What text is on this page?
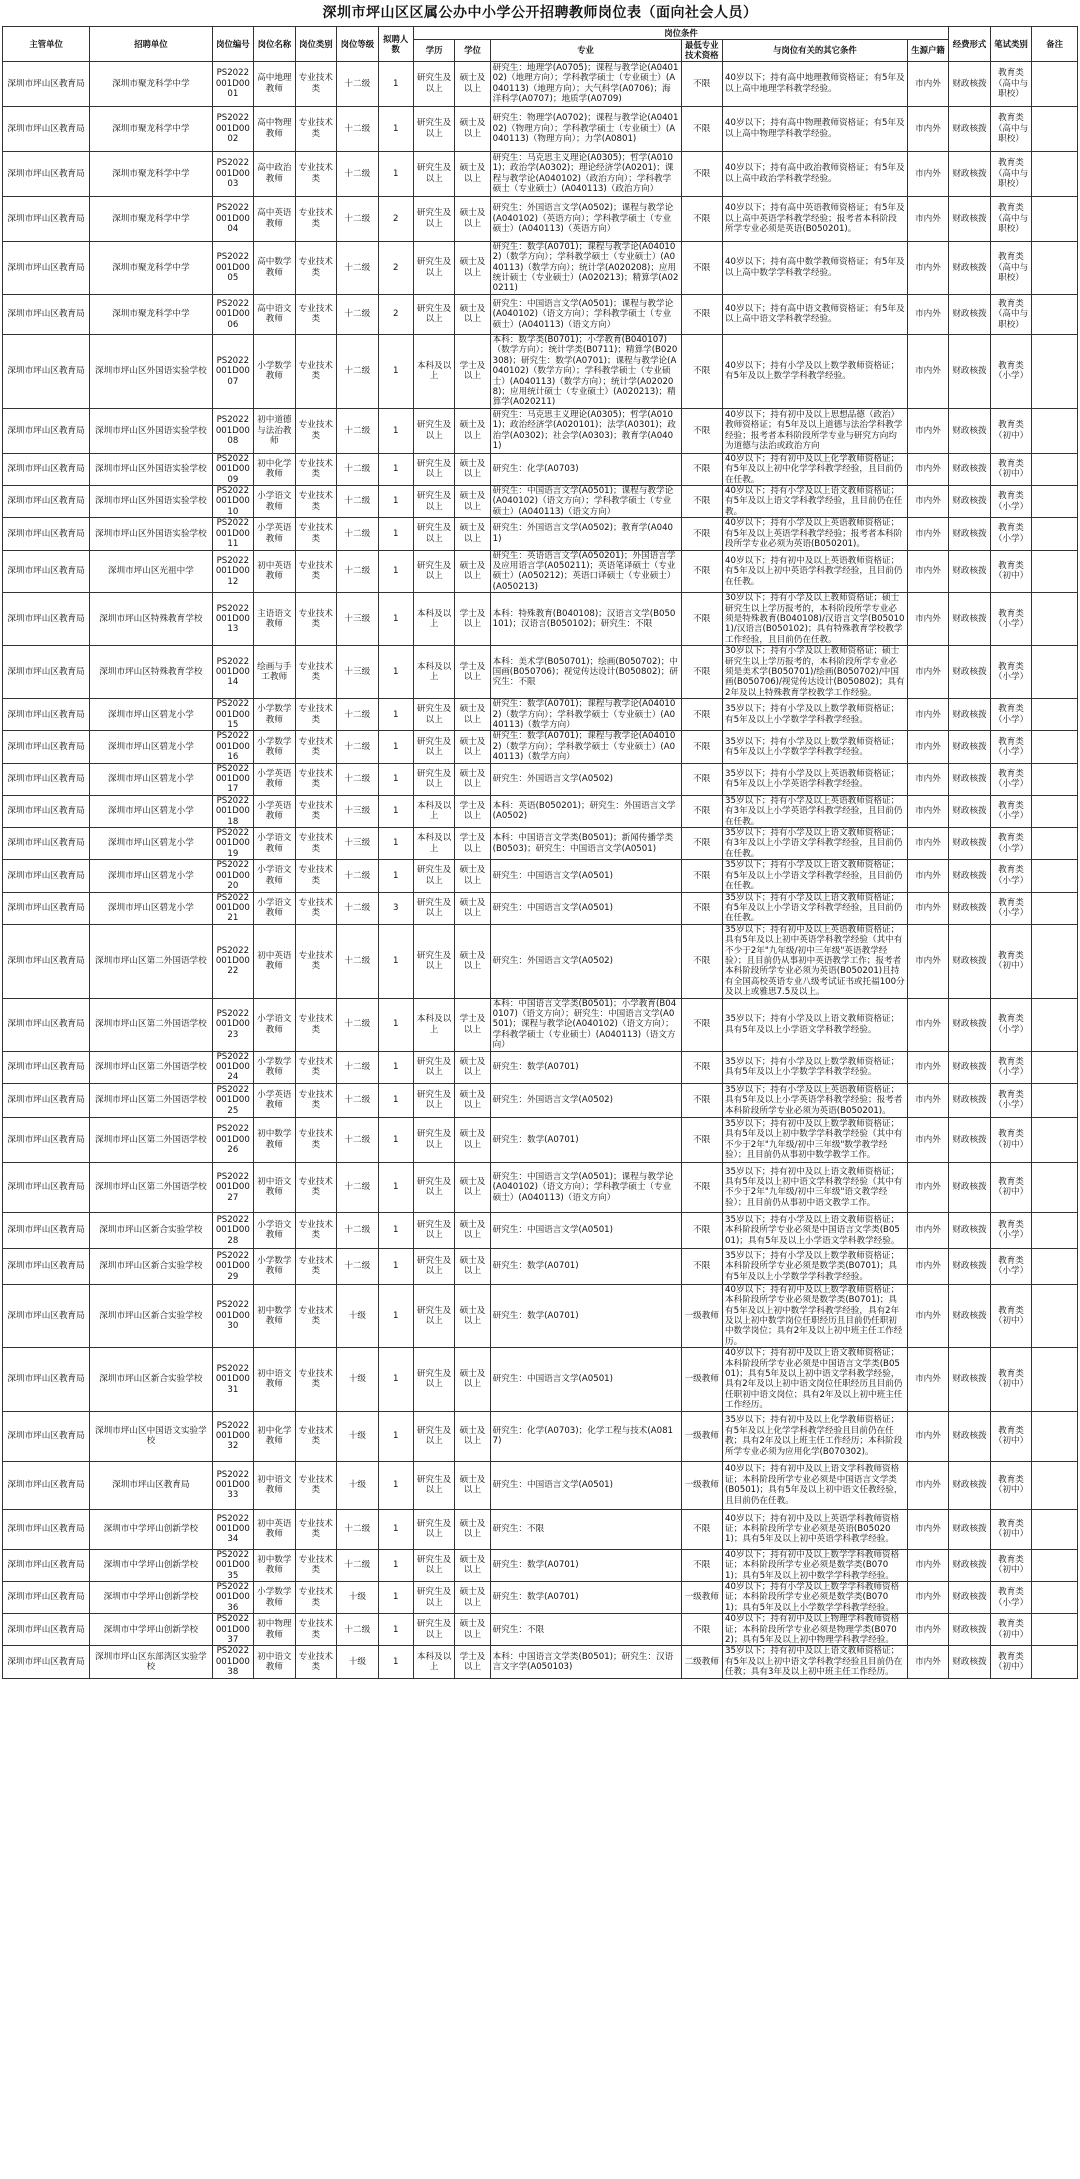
深圳市坪山区区属公办中小学公开招聘教师岗位表（面向社会人员）
主管单位	招聘单位	岗位编号	岗位名称	岗位类别	岗位等级	拟聘人数	岗位条件						经费形式	笔试类别	备注
							学历	学位	专业	最低专业技术资格	与岗位有关的其它条件	生源户籍			
深圳市坪山区教育局	深圳市聚龙科学中学	PS2022001D0001	高中地理教师	专业技术类	十二级	1	研究生及以上	硕士及以上	研究生：地理学(A0705)；课程与教学论(A040102)（地理方向）；学科教学硕士（专业硕士）(A040113)（地理方向）；大气科学(A0706)；海洋科学(A0707)；地质学(A0709)	不限	40岁以下；持有高中地理教师资格证；有5年及以上高中地理学科教学经验。	市内外	财政核拨	教育类（高中与职校）	
深圳市坪山区教育局	深圳市聚龙科学中学	PS2022001D0002	高中物理教师	专业技术类	十二级	1	研究生及以上	硕士及以上	研究生：物理学(A0702)；课程与教学论(A040102)（物理方向）；学科教学硕士（专业硕士）(A040113)（物理方向）；力学(A0801)	不限	40岁以下；持有高中物理教师资格证；有5年及以上高中物理学科教学经验。	市内外	财政核拨	教育类（高中与职校）	
深圳市坪山区教育局	深圳市聚龙科学中学	PS2022001D0003	高中政治教师	专业技术类	十二级	1	研究生及以上	硕士及以上	研究生：马克思主义理论(A0305)；哲学(A0101)；政治学(A0302)；理论经济学(A0201)；课程与教学论(A040102)（政治方向）；学科教学硕士（专业硕士）(A040113)（政治方向）	不限	40岁以下；持有高中政治教师资格证；有5年及以上高中政治学科教学经验。	市内外	财政核拨	教育类（高中与职校）	
深圳市坪山区教育局	深圳市聚龙科学中学	PS2022001D0004	高中英语教师	专业技术类	十二级	2	研究生及以上	硕士及以上	研究生：外国语言文学(A0502)；课程与教学论(A040102)（英语方向）；学科教学硕士（专业硕士）(A040113)（英语方向）	不限	40岁以下；持有高中英语教师资格证；有5年及以上高中英语学科教学经验；报考者本科阶段所学专业必须是英语(B050201)。	市内外	财政核拨	教育类（高中与职校）	
深圳市坪山区教育局	深圳市聚龙科学中学	PS2022001D0005	高中数学教师	专业技术类	十二级	2	研究生及以上	硕士及以上	研究生：数学(A0701)；课程与教学论(A040102)（数学方向）；学科教学硕士（专业硕士）(A040113)（数学方向）；统计学(A020208)；应用统计硕士（专业硕士）(A020213)；精算学(A020211)	不限	40岁以下；持有高中数学教师资格证；有5年及以上高中数学学科教学经验。	市内外	财政核拨	教育类（高中与职校）	
深圳市坪山区教育局	深圳市聚龙科学中学	PS2022001D0006	高中语文教师	专业技术类	十二级	2	研究生及以上	硕士及以上	研究生：中国语言文学(A0501)；课程与教学论(A040102)（语文方向）；学科教学硕士（专业硕士）(A040113)（语文方向）	不限	40岁以下；持有高中语文教师资格证；有5年及以上高中语文学科教学经验。	市内外	财政核拨	教育类（高中与职校）	
深圳市坪山区教育局	深圳市坪山区外国语实验学校	PS2022001D0007	小学数学教师	专业技术类	十二级	1	本科及以上	学士及以上	本科：数学类(B0701)；小学教育(B040107)（数学方向）；统计学类(B0711)；精算学(B020308)；研究生：数学(A0701)；课程与教学论(A040102)（数学方向）；学科教学硕士（专业硕士）(A040113)（数学方向）；统计学(A020208)；应用统计硕士（专业硕士）(A020213)；精算学(A020211)	不限	40岁以下；持有小学及以上数学教师资格证；有5年及以上数学学科教学经验。	市内外	财政核拨	教育类（小学）	
深圳市坪山区教育局	深圳市坪山区外国语实验学校	PS2022001D0008	初中道德与法治教师	专业技术类	十二级	1	研究生及以上	硕士及以上	研究生：马克思主义理论(A0305)；哲学(A0101)；政治经济学(A020101)；法学(A0301)；政治学(A0302)；社会学(A0303)；教育学(A0401)	不限	40岁以下；持有初中及以上思想品德（政治）教师资格证；有5年及以上道德与法治学科教学经验；报考者本科阶段所学专业与研究方向均为道德与法治或政治方向	市内外	财政核拨	教育类（初中）	
深圳市坪山区教育局	深圳市坪山区外国语实验学校	PS2022001D0009	初中化学教师	专业技术类	十二级	1	研究生及以上	硕士及以上	研究生：化学(A0703)	不限	40岁以下；持有初中及以上化学教师资格证；有5年及以上初中化学学科教学经验，且目前仍在任教。	市内外	财政核拨	教育类（初中）	
深圳市坪山区教育局	深圳市坪山区外国语实验学校	PS2022001D0010	小学语文教师	专业技术类	十二级	1	研究生及以上	硕士及以上	研究生：中国语言文学(A0501)；课程与教学论(A040102)（语文方向）；学科教学硕士（专业硕士）(A040113)（语文方向）	不限	40岁以下；持有小学及以上语文教师资格证；有5年及以上语文学科教学经验，且目前仍在任教。	市内外	财政核拨	教育类（小学）	
深圳市坪山区教育局	深圳市坪山区外国语实验学校	PS2022001D0011	小学英语教师	专业技术类	十二级	1	研究生及以上	硕士及以上	研究生：外国语言文学(A0502)；教育学(A0401)	不限	40岁以下；持有小学及以上英语教师资格证；有5年及以上英语学科教学经验；报考者本科阶段所学专业必须为英语(B050201)。	市内外	财政核拨	教育类（小学）	
深圳市坪山区教育局	深圳市坪山区光祖中学	PS2022001D0012	初中英语教师	专业技术类	十二级	1	研究生及以上	硕士及以上	研究生：英语语言文学(A050201)；外国语言学及应用语言学(A050211)；英语笔译硕士（专业硕士）(A050212)；英语口译硕士（专业硕士）(A050213)	不限	40岁以下；持有初中及以上英语教师资格证；有5年及以上初中英语学科教学经验，且目前仍在任教。	市内外	财政核拨	教育类（初中）	
深圳市坪山区教育局	深圳市坪山区特殊教育学校	PS2022001D0013	主语语文教师	专业技术类	十三级	1	本科及以上	学士及以上	本科：特殊教育(B040108)；汉语言文学(B050101)；汉语言(B050102)；研究生：不限	不限	30岁以下；持有小学及以上教师资格证；硕士研究生以上学历报考的，本科阶段所学专业必须是特殊教育(B040108)/汉语言文学(B050101)/汉语言(B050102)；具有特殊教育学校教学工作经验，且目前仍在任教。	市内外	财政核拨	教育类（小学）	
深圳市坪山区教育局	深圳市坪山区特殊教育学校	PS2022001D0014	绘画与手工教师	专业技术类	十三级	1	本科及以上	学士及以上	本科：美术学(B050701)；绘画(B050702)；中国画(B050706)；视觉传达设计(B050802)；研究生：不限	不限	30岁以下；持有小学及以上教师资格证；硕士研究生以上学历报考的，本科阶段所学专业必须是美术学(B050701)/绘画(B050702)/中国画(B050706)/视觉传达设计(B050802)；具有2年及以上特殊教育学校教学工作经验。	市内外	财政核拨	教育类（小学）	
深圳市坪山区教育局	深圳市坪山区碧龙小学	PS2022001D0015	小学数学教师	专业技术类	十二级	1	研究生及以上	硕士及以上	研究生：数学(A0701)；课程与教学论(A040102)（数学方向）；学科教学硕士（专业硕士）(A040113)（数学方向）	不限	35岁以下；持有小学及以上数学教师资格证；有5年及以上小学数学学科教学经验。	市内外	财政核拨	教育类（小学）	
深圳市坪山区教育局	深圳市坪山区碧龙小学	PS2022001D0016	小学数学教师	专业技术类	十二级	1	研究生及以上	硕士及以上	研究生：数学(A0701)；课程与教学论(A040102)（数学方向）；学科教学硕士（专业硕士）(A040113)（数学方向）	不限	35岁以下；持有小学及以上数学教师资格证；有5年及以上小学数学学科教学经验。	市内外	财政核拨	教育类（小学）	
深圳市坪山区教育局	深圳市坪山区碧龙小学	PS2022001D0017	小学英语教师	专业技术类	十二级	1	研究生及以上	硕士及以上	研究生：外国语言文学(A0502)	不限	35岁以下；持有小学及以上英语教师资格证；有5年及以上小学英语学科教学经验。	市内外	财政核拨	教育类（小学）	
深圳市坪山区教育局	深圳市坪山区碧龙小学	PS2022001D0018	小学英语教师	专业技术类	十三级	1	本科及以上	学士及以上	本科：英语(B050201)；研究生：外国语言文学(A0502)	不限	35岁以下；持有小学及以上英语教师资格证；有3年及以上小学英语学科教学经验，且目前仍在任教。	市内外	财政核拨	教育类（小学）	
深圳市坪山区教育局	深圳市坪山区碧龙小学	PS2022001D0019	小学语文教师	专业技术类	十三级	1	本科及以上	学士及以上	本科：中国语言文学类(B0501)；新闻传播学类(B0503)；研究生：中国语言文学(A0501)	不限	35岁以下；持有小学及以上语文教师资格证；有3年及以上小学语文学科教学经验，且目前仍在任教。	市内外	财政核拨	教育类（小学）	
深圳市坪山区教育局	深圳市坪山区碧龙小学	PS2022001D0020	小学语文教师	专业技术类	十二级	1	研究生及以上	硕士及以上	研究生：中国语言文学(A0501)	不限	35岁以下；持有小学及以上语文教师资格证；有5年及以上小学语文学科教学经验，且目前仍在任教。	市内外	财政核拨	教育类（小学）	
深圳市坪山区教育局	深圳市坪山区碧龙小学	PS2022001D0021	小学语文教师	专业技术类	十二级	3	研究生及以上	硕士及以上	研究生：中国语言文学(A0501)	不限	35岁以下；持有小学及以上语文教师资格证；有5年及以上小学语文学科教学经验，且目前仍在任教。	市内外	财政核拨	教育类（小学）	
深圳市坪山区教育局	深圳市坪山区第二外国语学校	PS2022001D0022	初中英语教师	专业技术类	十二级	1	研究生及以上	硕士及以上	研究生：外国语言文学(A0502)	不限	35岁以下；持有初中及以上英语教师资格证；具有5年及以上初中英语学科教学经验（其中有不少于2年"九年级/初中三年级"英语教学经验）；且目前仍从事初中英语教学工作；报考者本科阶段所学专业必须为英语(B050201)且持有全国高校英语专业八级考试证书或托福100分及以上或雅思7.5及以上。	市内外	财政核拨	教育类（初中）	
深圳市坪山区教育局	深圳市坪山区第二外国语学校	PS2022001D0023	小学语文教师	专业技术类	十二级	1	本科及以上	学士及以上	本科：中国语言文学类(B0501)；小学教育(B040107)（语文方向）；研究生：中国语言文学(A0501)；课程与教学论(A040102)（语文方向）；学科教学硕士（专业硕士）(A040113)（语文方向）	不限	35岁以下；持有小学及以上语文教师资格证；具有5年及以上小学语文学科教学经验。	市内外	财政核拨	教育类（小学）	
深圳市坪山区教育局	深圳市坪山区第二外国语学校	PS2022001D0024	小学数学教师	专业技术类	十二级	1	研究生及以上	硕士及以上	研究生：数学(A0701)	不限	35岁以下；持有小学及以上数学教师资格证；具有5年及以上小学数学学科教学经验。	市内外	财政核拨	教育类（小学）	
深圳市坪山区教育局	深圳市坪山区第二外国语学校	PS2022001D0025	小学英语教师	专业技术类	十二级	1	研究生及以上	硕士及以上	研究生：外国语言文学(A0502)	不限	35岁以下；持有小学及以上英语教师资格证；具有5年及以上小学英语学科教学经验；报考者本科阶段所学专业必须为英语(B050201)。	市内外	财政核拨	教育类（小学）	
深圳市坪山区教育局	深圳市坪山区第二外国语学校	PS2022001D0026	初中数学教师	专业技术类	十二级	1	研究生及以上	硕士及以上	研究生：数学(A0701)	不限	35岁以下；持有初中及以上数学教师资格证；具有5年及以上初中数学学科教学经验（其中有不少于2年"九年级/初中三年级"数学教学经验）；且目前仍从事初中数学教学工作。	市内外	财政核拨	教育类（初中）	
深圳市坪山区教育局	深圳市坪山区第二外国语学校	PS2022001D0027	初中语文教师	专业技术类	十二级	1	研究生及以上	硕士及以上	研究生：中国语言文学(A0501)；课程与教学论(A040102)（语文方向）；学科教学硕士（专业硕士）(A040113)（语文方向）	不限	35岁以下；持有初中及以上语文教师资格证；具有5年及以上初中语文学科教学经验（其中有不少于2年"九年级/初中三年级"语文教学经验）；且目前仍从事初中语文教学工作。	市内外	财政核拨	教育类（初中）	
深圳市坪山区教育局	深圳市坪山区新合实验学校	PS2022001D0028	小学语文教师	专业技术类	十二级	1	研究生及以上	硕士及以上	研究生：中国语言文学(A0501)	不限	35岁以下；持有小学及以上语文教师资格证；本科阶段所学专业必须是中国语言文学类(B0501)；具有5年及以上小学语文学科教学经验。	市内外	财政核拨	教育类（小学）	
深圳市坪山区教育局	深圳市坪山区新合实验学校	PS2022001D0029	小学数学教师	专业技术类	十二级	1	研究生及以上	硕士及以上	研究生：数学(A0701)	不限	35岁以下；持有小学及以上数学教师资格证；本科阶段所学专业必须是数学类(B0701)；具有5年及以上小学数学学科教学经验。	市内外	财政核拨	教育类（小学）	
深圳市坪山区教育局	深圳市坪山区新合实验学校	PS2022001D0030	初中数学教师	专业技术类	十级	1	研究生及以上	硕士及以上	研究生：数学(A0701)	一级教师	40岁以下；持有初中及以上数学教师资格证；本科阶段所学专业必须是数学类(B0701)；具有5年及以上初中数学学科教学经验，具有2年及以上初中数学岗位任职经历且目前仍任职初中数学岗位；具有2年及以上初中班主任工作经历。	市内外	财政核拨	教育类（初中）	
深圳市坪山区教育局	深圳市坪山区新合实验学校	PS2022001D0031	初中语文教师	专业技术类	十级	1	研究生及以上	硕士及以上	研究生：中国语言文学(A0501)	一级教师	40岁以下；持有初中及以上语文教师资格证；本科阶段所学专业必须是中国语言文学类(B0501)；具有5年及以上初中语文学科教学经验，具有2年及以上初中语文岗位任职经历且目前仍任职初中语文岗位；具有2年及以上初中班主任工作经历。	市内外	财政核拨	教育类（初中）	
深圳市坪山区教育局	深圳市坪山区中国语文实验学校	PS2022001D0032	初中化学教师	专业技术类	十级	1	研究生及以上	硕士及以上	研究生：化学(A0703)；化学工程与技术(A0817)	一级教师	35岁以下；持有初中及以上化学教师资格证；有5年及以上化学学科教学经验且目前仍在任教；具有2年及以上班主任工作经历；本科阶段所学专业必须为应用化学(B070302)。	市内外	财政核拨	教育类（初中）	
深圳市坪山区教育局	深圳市坪山区教育局	PS2022001D0033	初中语文教师	专业技术类	十级	1	研究生及以上	硕士及以上	研究生：中国语言文学(A0501)	一级教师	40岁以下；持有初中及以上语文学科教师资格证；本科阶段所学专业必须是中国语言文学类(B0501)；具有5年及以上初中语文任教经验，且目前仍在任教。	市内外	财政核拨	教育类（初中）	
深圳市坪山区教育局	深圳市中学坪山创新学校	PS2022001D0034	初中英语教师	专业技术类	十二级	1	研究生及以上	硕士及以上	研究生：不限	不限	40岁以下；持有初中及以上英语学科教师资格证；本科阶段所学专业必须是英语(B050201)；具有5年及以上初中英语学科教学经验。	市内外	财政核拨	教育类（初中）	
深圳市坪山区教育局	深圳市中学坪山创新学校	PS2022001D0035	初中数学教师	专业技术类	十二级	1	研究生及以上	硕士及以上	研究生：数学(A0701)	不限	40岁以下；持有初中及以上数学学科教师资格证；本科阶段所学专业必须是数学类(B0701)；具有5年及以上初中数学学科教学经验。	市内外	财政核拨	教育类（初中）	
深圳市坪山区教育局	深圳市中学坪山创新学校	PS2022001D0036	小学数学教师	专业技术类	十级	1	研究生及以上	硕士及以上	研究生：数学(A0701)	一级教师	40岁以下；持有小学及以上数学学科教师资格证；本科阶段所学专业必须是数学类(B0701)；具有5年及以上小学数学学科教学经验。	市内外	财政核拨	教育类（小学）	
深圳市坪山区教育局	深圳市中学坪山创新学校	PS2022001D0037	初中物理教师	专业技术类	十二级	1	研究生及以上	硕士及以上	研究生：不限	不限	40岁以下；持有初中及以上物理学科教师资格证；本科阶段所学专业必须是物理学类(B0702)；具有5年及以上初中物理学科教学经验。	市内外	财政核拨	教育类（初中）	
深圳市坪山区教育局	深圳市坪山区东部湾区实验学校	PS2022001D0038	初中语文教师	专业技术类	十级	1	本科及以上	学士及以上	本科：中国语言文学类(B0501)；研究生：汉语言文字学(A050103)	二级教师	35岁以下；持有初中及以上语文教师资格证；有5年及以上初中语文学科教学经验且目前仍在任教；具有3年及以上初中班主任工作经历。	市内外	财政核拨	教育类（初中）	
